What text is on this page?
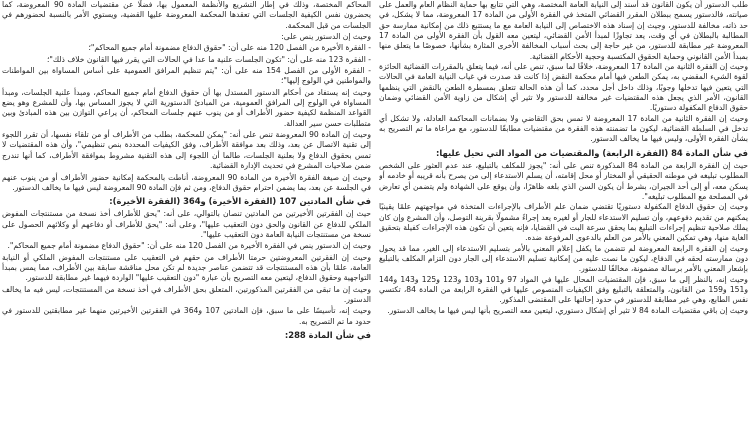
طلب الدستور أن يكون القانون قد أسند إلى النيابة العامة المختصة، وهي التي تتابع بها حماية النظام العام والعمل على صيانته، فالدستور يسمح ببطلان المقرر القضائي المتخذ في الفقرة الأولى من المادة 17 المعروضة، مما لا يشكل، في حد ذاته، مخالفة للدستور، وجيث إن إسناد هذه الاختصاص إلى النيابة العامة مع ما يستتبع ذلك من إمكانية ممارسة حق المطالبة بالبطلان في أي وقت، يعد تجاوزًا لمبدأ الأمن القضائي، ليتعين معه القول بأن الفقرة الأولى من المادة 17 المعروضة غير مطابقة للدستور، من غير حاجة إلى بحث أسباب المخالفة الأخرى المثارة بشأنها، خصوصًا ما يتعلق منها بمبدأ الأمن القانوني وحماية الحقوق المكتسبة وحجية الأحكام القضائية.

وحيث إن الفقرة الثانية من المادة 17 المعروضة، خلافًا لما سبق، تنص على أنه، فيما يتعلق بالمقررات القضائية الحائزة لقوة الشيء المقضي به، يمكن الطعن فيها أمام محكمة النقض إذا كانت قد صدرت في غياب النيابة العامة في الحالات التي يتعين فيها تدخلها وجوبًا، وذلك داخل أجل محدد، كما أن هذه الحالة تتعلق بمسطرة الطعن بالنقض التي ينظمها القانون، الأمر الذي يجعل هذه المقتضيات غير مخالفة للدستور ولا تثير أي إشكال من زاوية الأمن القضائي وضمان حقوق الدفاع المكفولة دستوريًا.

وحيث إن الفقرة الثانية من المادة 17 المعروضة لا تمس بحق التقاضي ولا بضمانات المحاكمة العادلة، ولا تشكل أي تدخل في السلطة القضائية، ليكون ما تضمنته هذه الفقرة من مقتضيات مطابقًا للدستور، مع مراعاة ما تم التصريح به بشأن الفقرة الأولى، وليس فيها ما يخالف الدستور.

في شأن المادة 84 (الفقرة الرابعة) والمقتضيات من المواد التي تحيل عليها:

حيث إن الفقرة الرابعة من المادة 84 المذكورة تنص على أنه: "يجوز للمكلف بالتبليغ، عند عدم العثور على الشخص المطلوب تبليغه في موطنه الحقيقي أو المختار أو محل إقامته، أن يسلم الاستدعاء إلى من يصرح بأنه قريبه أو خادمه أو يسكن معه، أو إلى أحد الجيران، بشرط أن يكون السن الذي بلغه ظاهرًا، وأن يوقع على الشهادة ولم يتضمن أي تعارض في المصلحة مع المطلوب تبليغه".

وحيث إن حقوق الدفاع المكفولة دستوريًا تقتضي ضمان علم الأطراف بالإجراءات المتخذة في مواجهتهم علمًا يقينيًا يمكنهم من تقديم دفوعهم، وأن تسليم الاستدعاء للجار أو لغيره يعد إجراءً مشمولًا بقرينة التوصل، وأن المشرع وإن كان يملك صلاحية تنظيم إجراءات التبليغ بما يحقق سرعة البت في القضايا، فإنه يتعين أن تكون هذه الإجراءات كفيلة بتحقيق الغاية منها، وهي تمكين المعني بالأمر من العلم بالدعوى المرفوعة ضده.

وحيث إن الفقرة الرابعة المعروضة لم تتضمن ما يكفل إعلام المعني بالأمر بتسليم الاستدعاء إلى الغير، مما قد يحول دون ممارسته لحقه في الدفاع، ليكون ما نصت عليه من إمكانية تسليم الاستدعاء إلى الجار دون التزام المكلف بالتبليغ بإشعار المعني بالأمر برسالة مضمونة، مخالفًا للدستور.

وحيث إنه، بالنظر إلى ما سبق، فإن المقتضيات المحال عليها في المواد 97 و101 و103 و123 و125 و143 و144 و151 و159 من القانون، والمتعلقة بالتبليغ وفق الكيفيات المنصوص عليها في الفقرة الرابعة من المادة 84، تكتسي نفس الطابع، وهي غير مطابقة للدستور في حدود إحالتها على المقتضى المذكور.

وحيث إن باقي مقتضيات المادة 84 لا تثير أي إشكال دستوري، ليتعين معه التصريح بأنها ليس فيها ما يخالف الدستور.

المحاكم المختصة، وذلك في إطار التشريع والأنظمة المعمول بها، فضلًا عن مقتضيات المادة 90 المعروضة، كما يحضرون نفس الكيفية الجلسات التي تعقدها المحكمة المعروضة عليها القضية، ويستوي الأمر بالنسبة لحضورهم في الجلسات من قبل المحكمة.

وحيث إن الدستور ينص على:

- الفقرة الأخيرة من الفصل 120 منه على أن: "حقوق الدفاع مضمونة أمام جميع المحاكم"؛

- الفقرة 123 منه على أن: "تكون الجلسات علنية ما عدا في الحالات التي يقرر فيها القانون خلاف ذلك"؛

- الفقرة الأولى من الفصل 154 منه على أن: "يتم تنظيم المرافق العمومية على أساس المساواة بين المواطنات والمواطنين في الولوج إليها"؛

وحيث إنه يستفاد من أحكام الدستور المستدل بها أن حقوق الدفاع أمام جميع المحاكم، ومبدأ علنية الجلسات، ومبدأ المساواة في الولوج إلى المرافق العمومية، من المبادئ الدستورية التي لا يجوز المساس بها، وأن للمشرع وهو يضع القواعد المنظمة لكيفية حضور الأطراف أو من ينوب عنهم جلسات المحاكم، أن يراعي التوازن بين هذه المبادئ وبين متطلبات حسن سير العدالة.

وحيث إن المادة 90 المعروضة تنص على أنه: "يمكن للمحكمة، بطلب من الأطراف أو من تلقاء نفسها، أن تقرر اللجوء إلى تقنية الاتصال عن بعد، وذلك بعد موافقة الأطراف، وفق الكيفيات المحددة بنص تنظيمي"، وأن هذه المقتضيات لا تمس بحقوق الدفاع ولا بعلنية الجلسات، طالما أن اللجوء إلى هذه التقنية مشروط بموافقة الأطراف، كما أنها تندرج ضمن صلاحيات المشرع في تحديث الإدارة القضائية.

وحيث إن صيغة الفقرة الأخيرة من المادة 90 المعروضة، أناطت بالمحكمة إمكانية حضور الأطراف أو من ينوب عنهم في الجلسة عن بعد، بما يضمن احترام حقوق الدفاع، ومن ثم فإن المادة 90 المعروضة ليس فيها ما يخالف الدستور.

في شأن المادتين 107 (الفقرة الأخيرة) و364 (الفقرة الأخيرة):

حيث إن الفقرتين الأخيرتين من المادتين تنصان بالتوالي، على أنه: "يحق للأطراف أخذ نسخة من مستنتجات المفوض الملكي للدفاع عن القانون والحق دون التعقيب عليها"، وعلى أنه: "يحق للأطراف أو دفاعهم أو وكلائهم الحصول على نسخة من مستنتجات النيابة العامة دون التعقيب عليها".

وحيث إن الدستور ينص في الفقرة الأخيرة من الفصل 120 منه على أن: "حقوق الدفاع مضمونة أمام جميع المحاكم".

وحيث إن الفقرتين المعروضتين حرمتا الأطراف من حقهم في التعقيب على مستنتجات المفوض الملكي أو النيابة العامة، علمًا بأن هذه المستنتجات قد تتضمن عناصر جديدة لم تكن محل مناقشة سابقة بين الأطراف، مما يمس بمبدأ التواجهية وحقوق الدفاع، ليتعين معه التصريح بأن عبارة "دون التعقيب عليها" الواردة فيهما غير مطابقة للدستور.

وحيث إن ما تبقى من الفقرتين المذكورتين، المتعلق بحق الأطراف في أخذ نسخة من المستنتجات، ليس فيه ما يخالف الدستور.

وحيث إنه، تأسيسًا على ما سبق، فإن المادتين 107 و364 في الفقرتين الأخيرتين منهما غير مطابقتين للدستور في حدود ما تم التصريح به.

في شأن المادة 288:
